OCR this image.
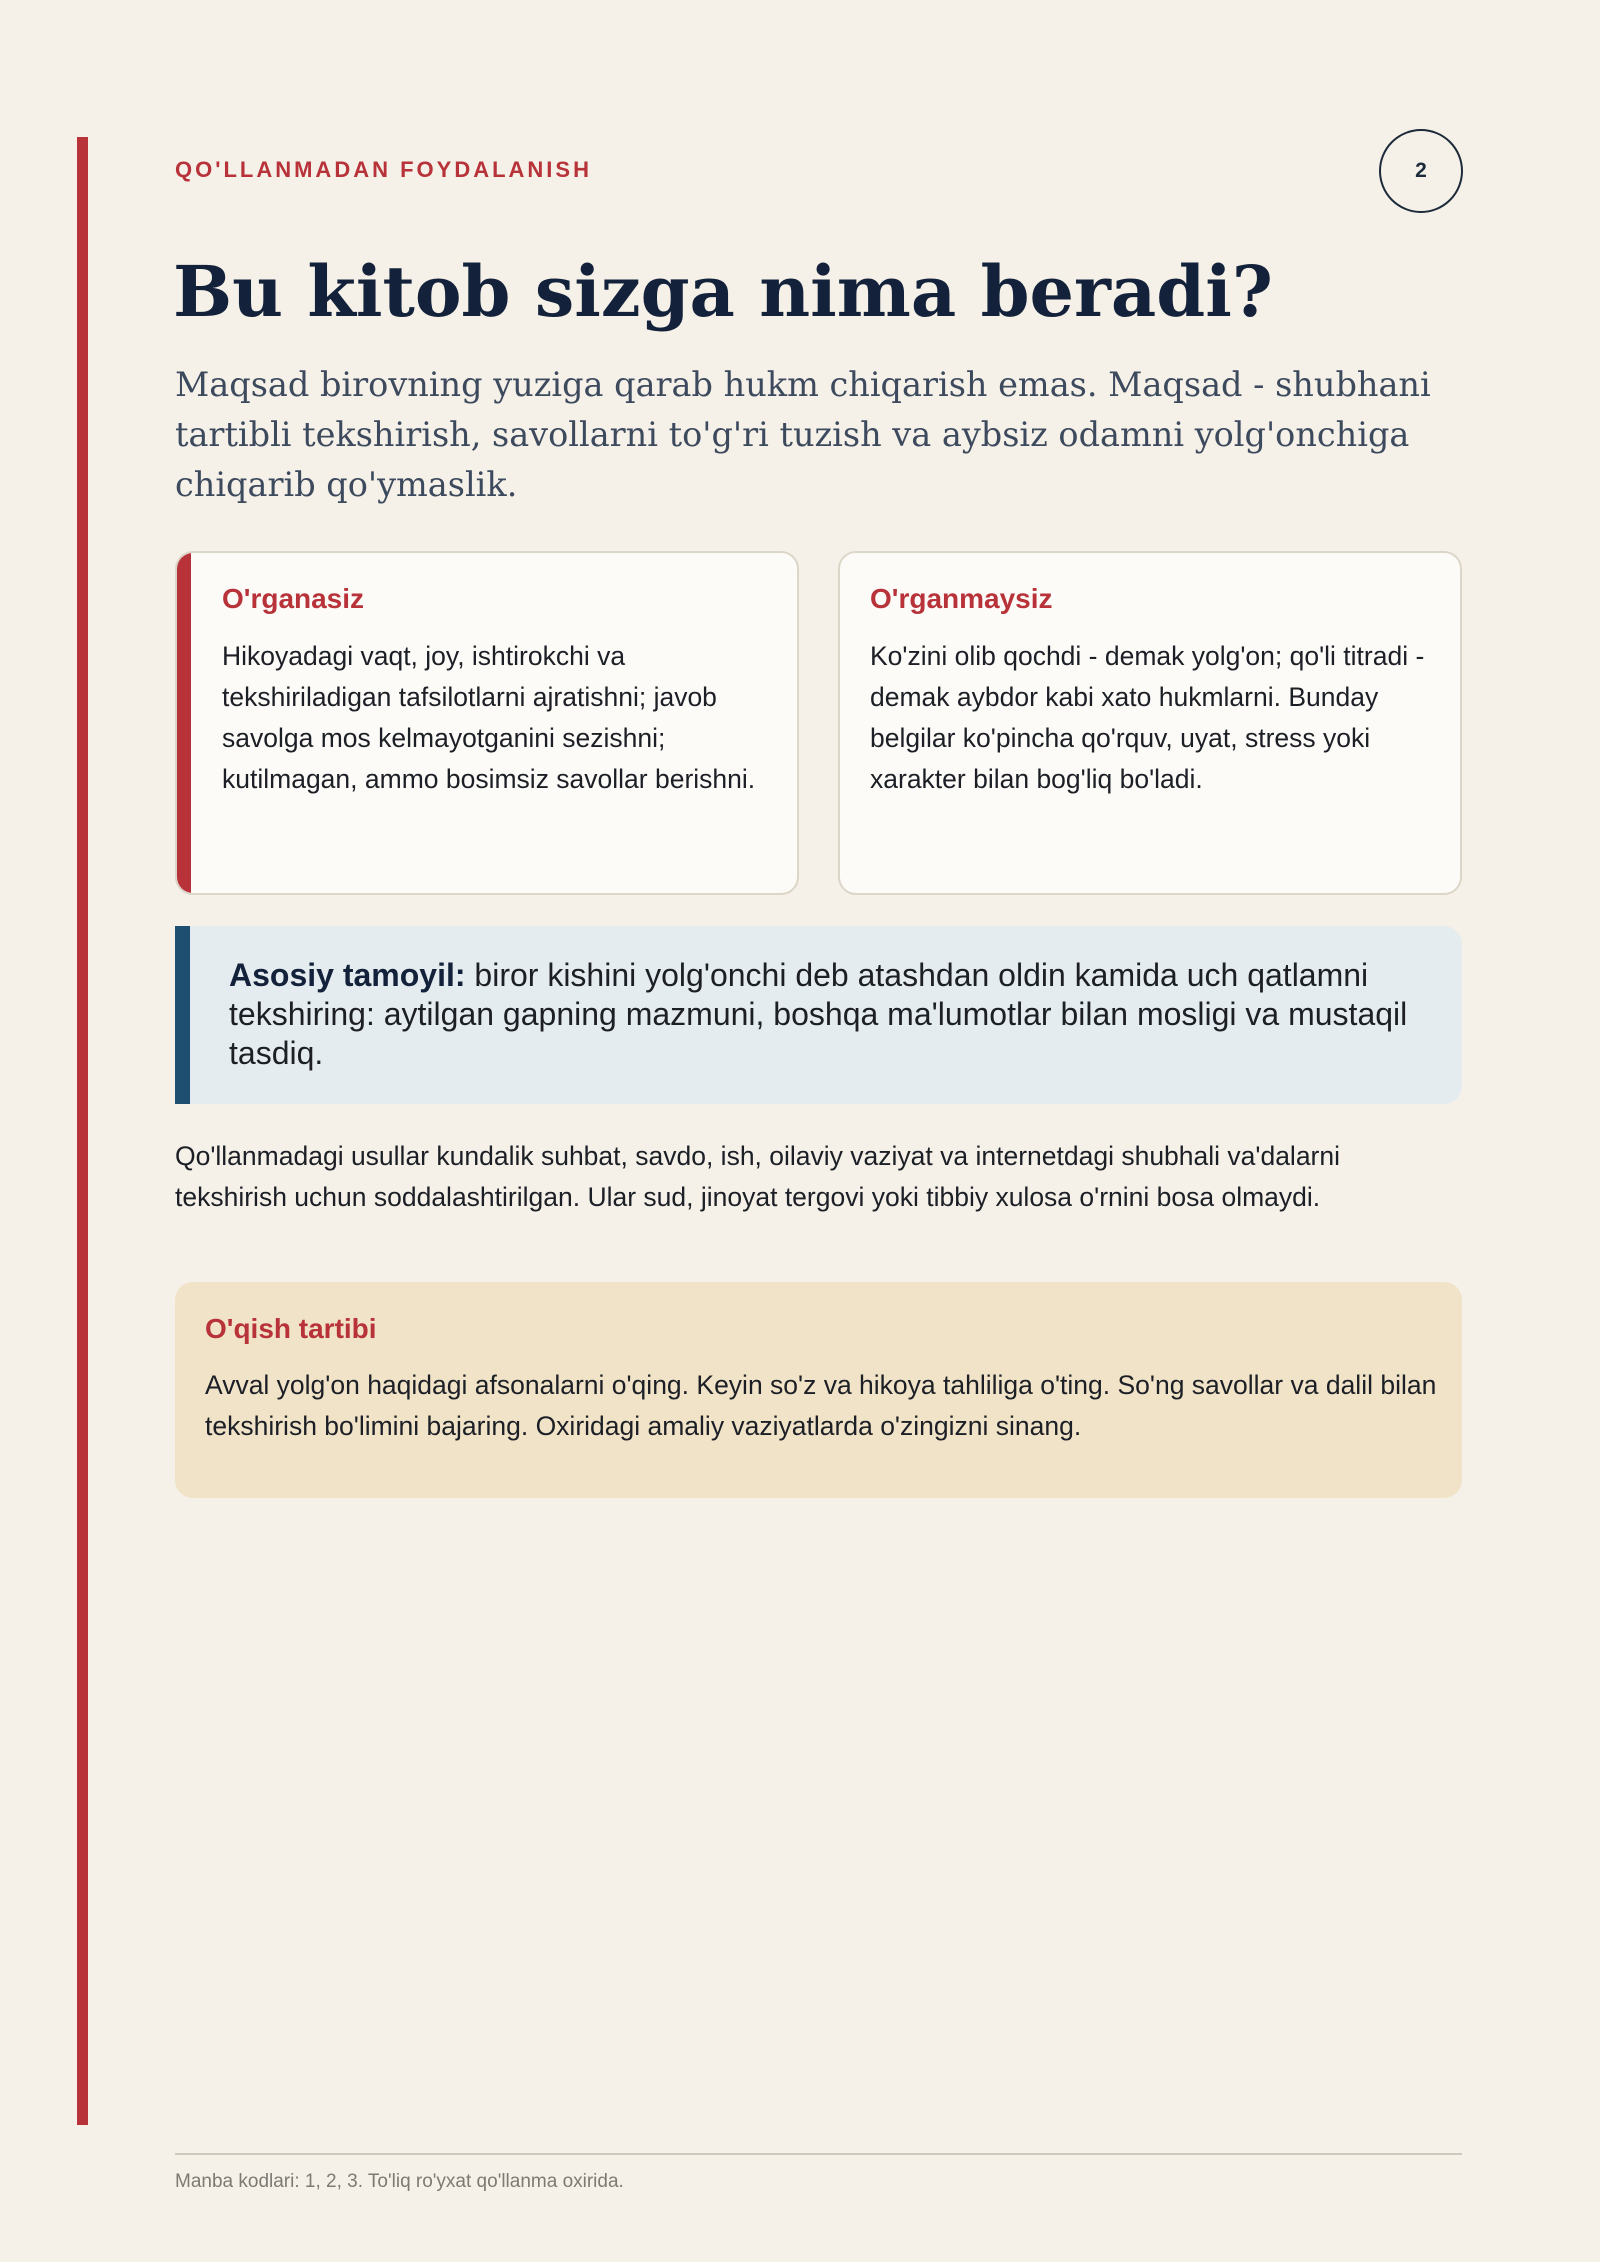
QO'LLANMADAN FOYDALANISH	2
Bu kitob sizga nima beradi?

Maqsad birovning yuziga qarab hukm chiqarish emas. Maqsad - shubhani tartibli tekshirish, savollarni to'g'ri tuzish va aybsiz odamni yolg'onchiga chiqarib qo'ymaslik.

O'rganasiz
Hikoyadagi vaqt, joy, ishtirokchi va tekshiriladigan tafsilotlarni ajratishni; javob savolga mos kelmayotganini sezishni; kutilmagan, ammo bosimsiz savollar berishni.
O'rganmaysiz
Ko'zini olib qochdi - demak yolg'on; qo'li titradi - demak aybdor kabi xato hukmlarni. Bunday belgilar ko'pincha qo'rquv, uyat, stress yoki xarakter bilan bog'liq bo'ladi.

Asosiy tamoyil: biror kishini yolg'onchi deb atashdan oldin kamida uch qatlamni tekshiring: aytilgan gapning mazmuni, boshqa ma'lumotlar bilan mosligi va mustaqil tasdiq.

Qo'llanmadagi usullar kundalik suhbat, savdo, ish, oilaviy vaziyat va internetdagi shubhali va'dalarni tekshirish uchun soddalashtirilgan. Ular sud, jinoyat tergovi yoki tibbiy xulosa o'rnini bosa olmaydi.

O'qish tartibi
Avval yolg'on haqidagi afsonalarni o'qing. Keyin so'z va hikoya tahliliga o'ting. So'ng savollar va dalil bilan tekshirish bo'limini bajaring. Oxiridagi amaliy vaziyatlarda o'zingizni sinang.
Manba kodlari: 1, 2, 3. To'liq ro'yxat qo'llanma oxirida.
